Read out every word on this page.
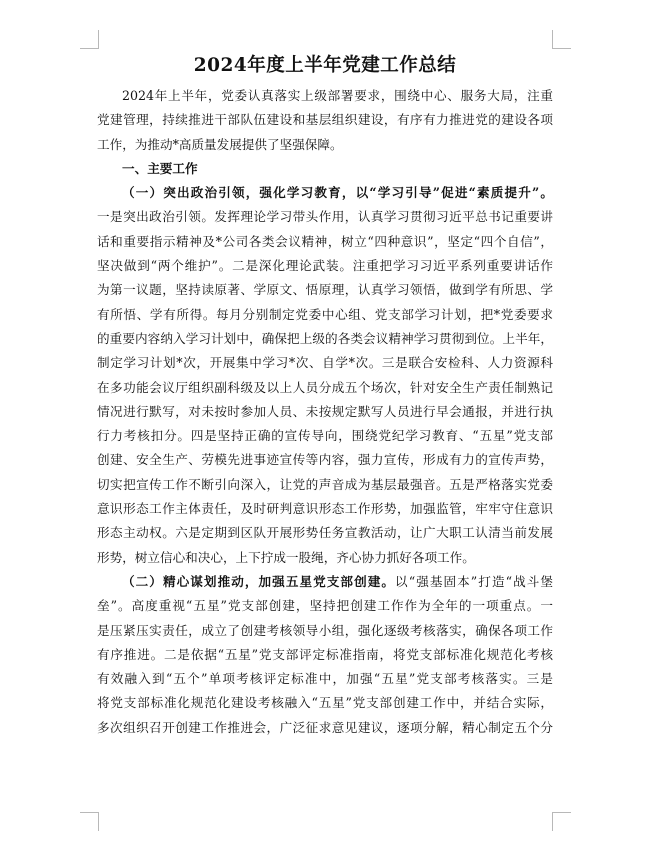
2024年度上半年党建工作总结
2024年上半年，党委认真落实上级部署要求，围绕中心、服务大局，注重
党建管理，持续推进干部队伍建设和基层组织建设，有序有力推进党的建设各项
工作，为推动*高质量发展提供了坚强保障。
一、主要工作
（一）突出政治引领，强化学习教育，以“学习引导”促进“素质提升”。
一是突出政治引领。发挥理论学习带头作用，认真学习贯彻习近平总书记重要讲
话和重要指示精神及*公司各类会议精神，树立“四种意识”，坚定“四个自信”，
坚决做到“两个维护”。二是深化理论武装。注重把学习习近平系列重要讲话作
为第一议题，坚持读原著、学原文、悟原理，认真学习领悟，做到学有所思、学
有所悟、学有所得。每月分别制定党委中心组、党支部学习计划，把*党委要求
的重要内容纳入学习计划中，确保把上级的各类会议精神学习贯彻到位。上半年，
制定学习计划*次，开展集中学习*次、自学*次。三是联合安检科、人力资源科
在多功能会议厅组织副科级及以上人员分成五个场次，针对安全生产责任制熟记
情况进行默写，对未按时参加人员、未按规定默写人员进行早会通报，并进行执
行力考核扣分。四是坚持正确的宣传导向，围绕党纪学习教育、“五星”党支部
创建、安全生产、劳模先进事迹宣传等内容，强力宣传，形成有力的宣传声势，
切实把宣传工作不断引向深入，让党的声音成为基层最强音。五是严格落实党委
意识形态工作主体责任，及时研判意识形态工作形势，加强监管，牢牢守住意识
形态主动权。六是定期到区队开展形势任务宣教活动，让广大职工认清当前发展
形势，树立信心和决心，上下拧成一股绳，齐心协力抓好各项工作。
（二）精心谋划推动，加强五星党支部创建。以“强基固本”打造“战斗堡
垒”。高度重视“五星”党支部创建，坚持把创建工作作为全年的一项重点。一
是压紧压实责任，成立了创建考核领导小组，强化逐级考核落实，确保各项工作
有序推进。二是依据“五星”党支部评定标准指南，将党支部标准化规范化考核
有效融入到“五个”单项考核评定标准中，加强“五星”党支部考核落实。三是
将党支部标准化规范化建设考核融入“五星”党支部创建工作中，并结合实际，
多次组织召开创建工作推进会，广泛征求意见建议，逐项分解，精心制定五个分
